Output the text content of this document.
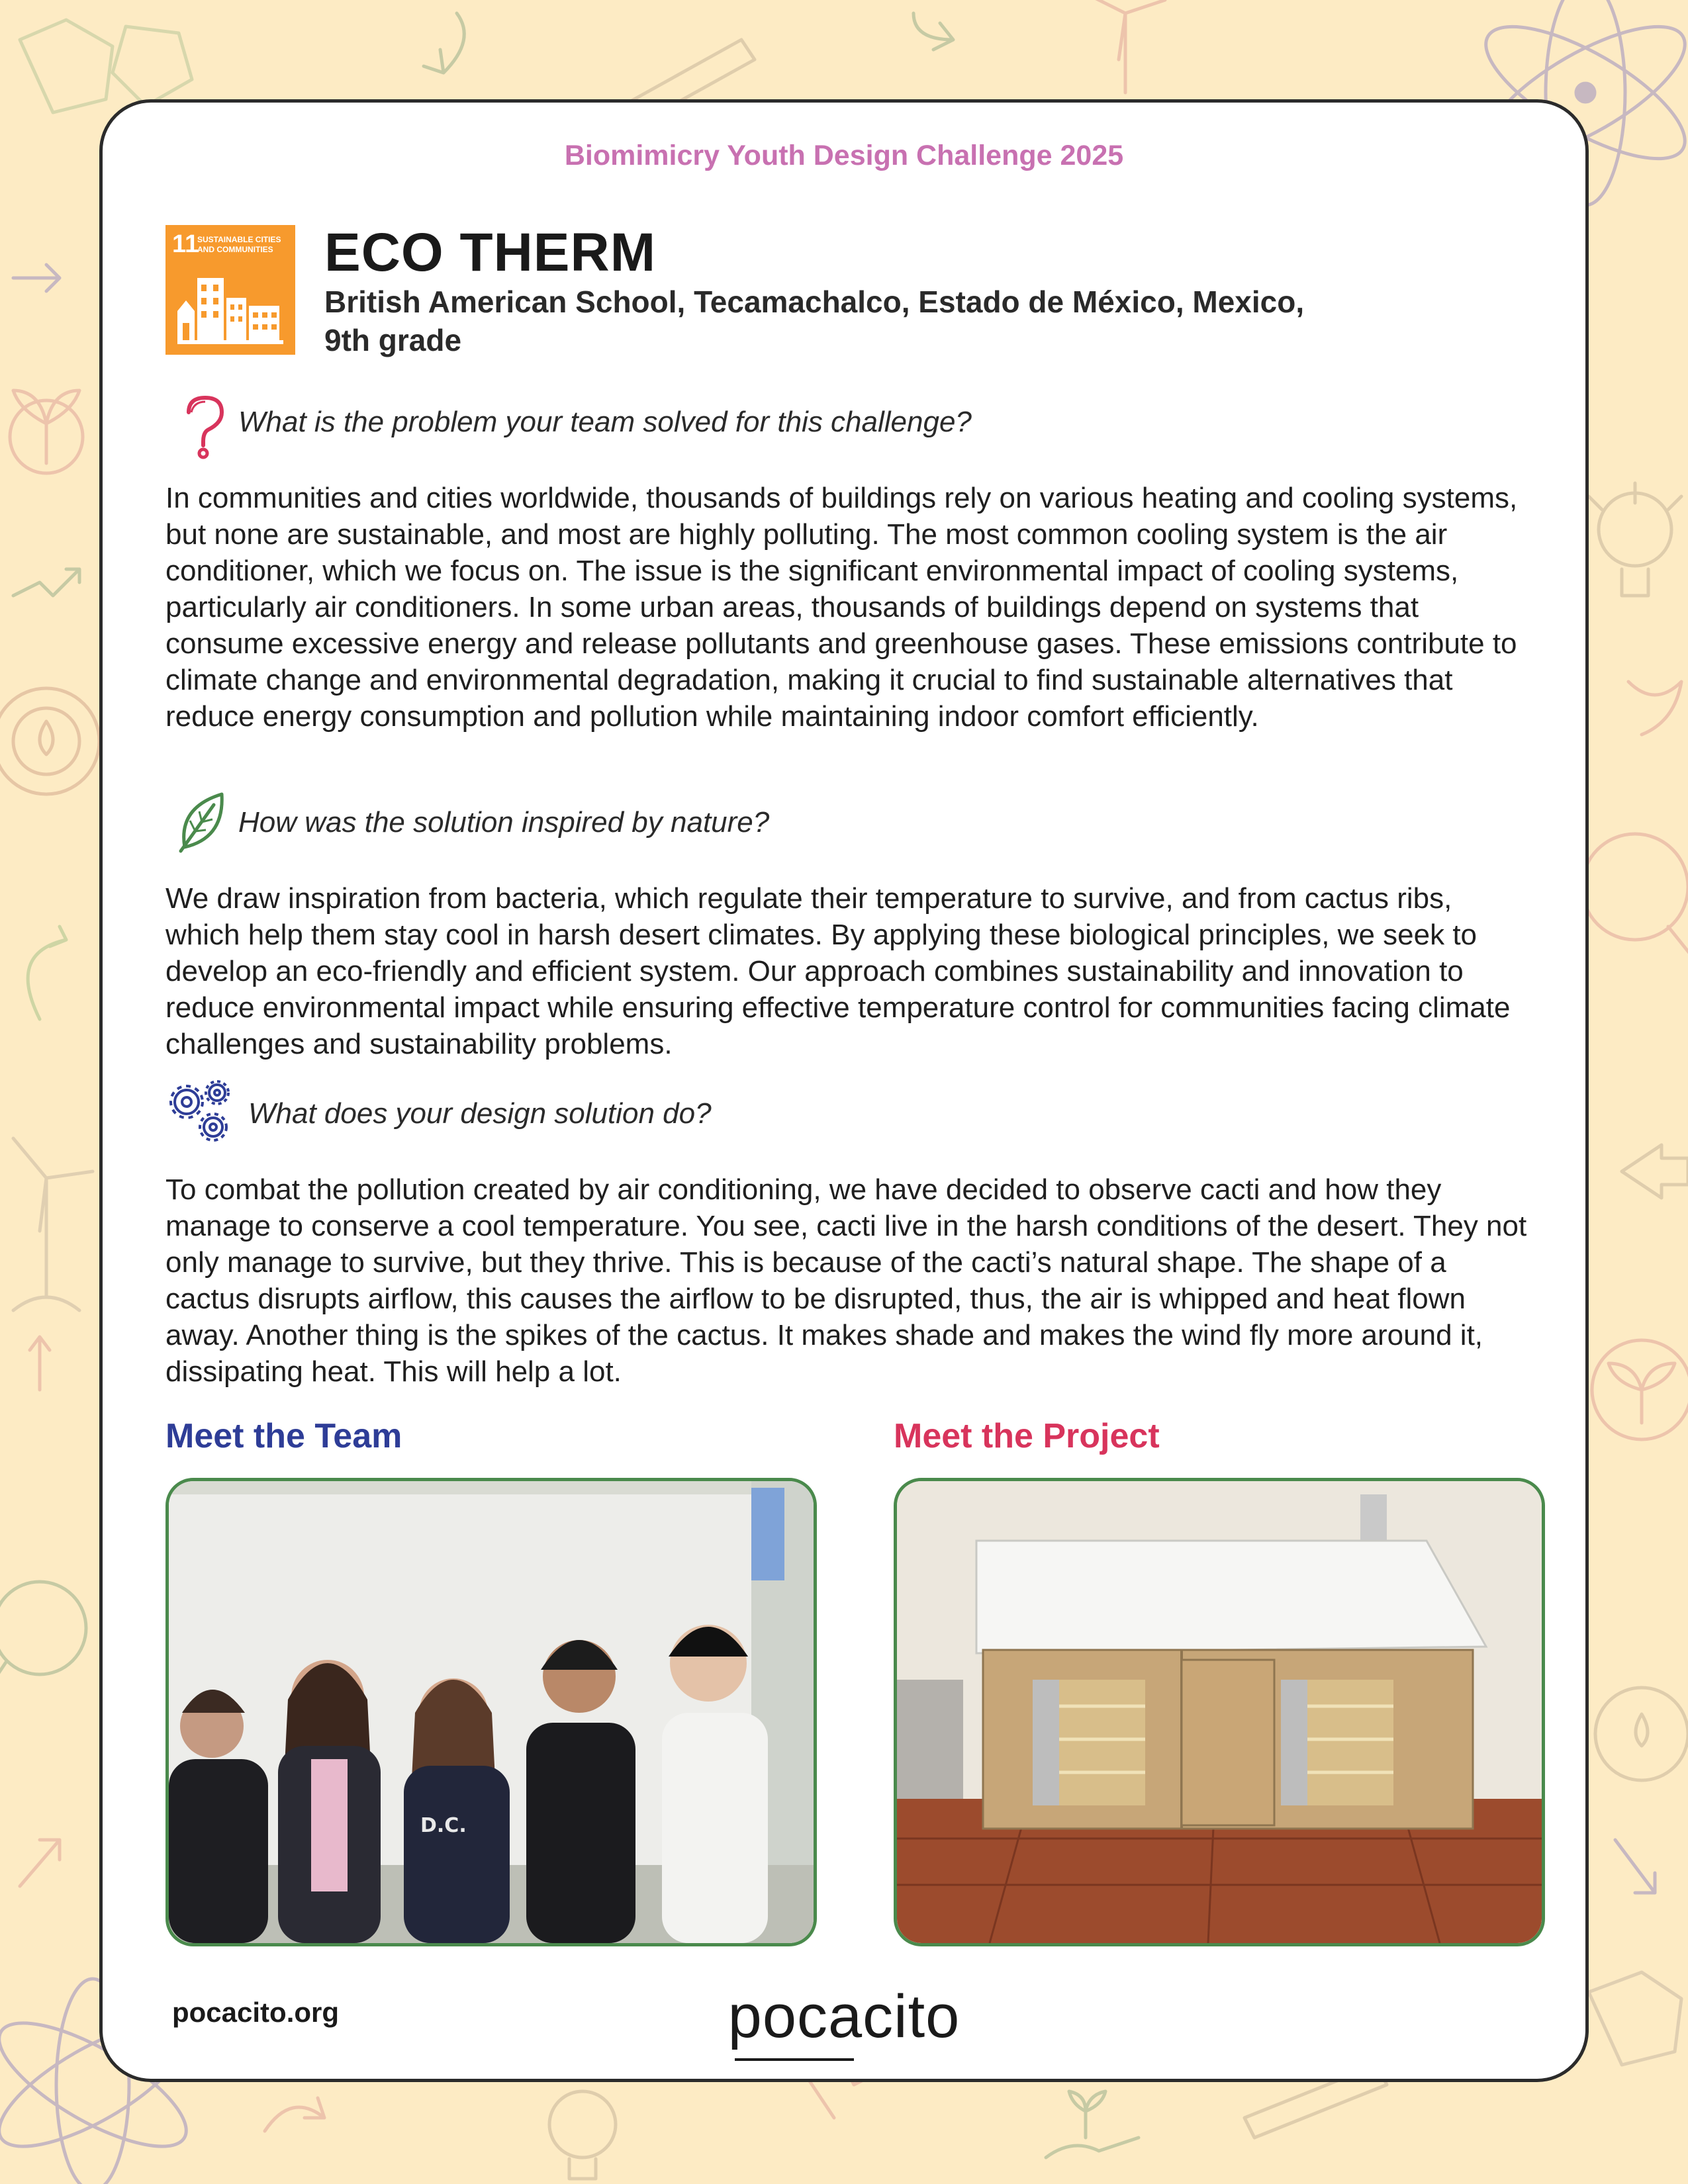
Biomimicry Youth Design Challenge 2025
11
SUSTAINABLE CITIES AND COMMUNITIES ECO THERM
British American School, Tecamachalco, Estado de México, Mexico, 9th grade
What is the problem your team solved for this challenge?

In communities and cities worldwide, thousands of buildings rely on various heating and cooling systems, but none are sustainable, and most are highly polluting. The most common cooling system is the air conditioner, which we focus on. The issue is the significant environmental impact of cooling systems, particularly air conditioners. In some urban areas, thousands of buildings depend on systems that consume excessive energy and release pollutants and greenhouse gases. These emissions contribute to climate change and environmental degradation, making it crucial to find sustainable alternatives that reduce energy consumption and pollution while maintaining indoor comfort efficiently.

How was the solution inspired by nature?

We draw inspiration from bacteria, which regulate their temperature to survive, and from cactus ribs, which help them stay cool in harsh desert climates. By applying these biological principles, we seek to develop an eco-friendly and efficient system. Our approach combines sustainability and innovation to reduce environmental impact while ensuring effective temperature control for communities facing climate challenges and sustainability problems.

What does your design solution do?

To combat the pollution created by air conditioning, we have decided to observe cacti and how they manage to conserve a cool temperature. You see, cacti live in the harsh conditions of the desert. They not only manage to survive, but they thrive. This is because of the cacti’s natural shape. The shape of a cactus disrupts airflow, this causes the airflow to be disrupted, thus, the air is whipped and heat flown away. Another thing is the spikes of the cactus. It makes shade and makes the wind fly more around it, dissipating heat. This will help a lot.

Meet the Team	Meet the Project
D.C.
pocacito.org	pocacito
